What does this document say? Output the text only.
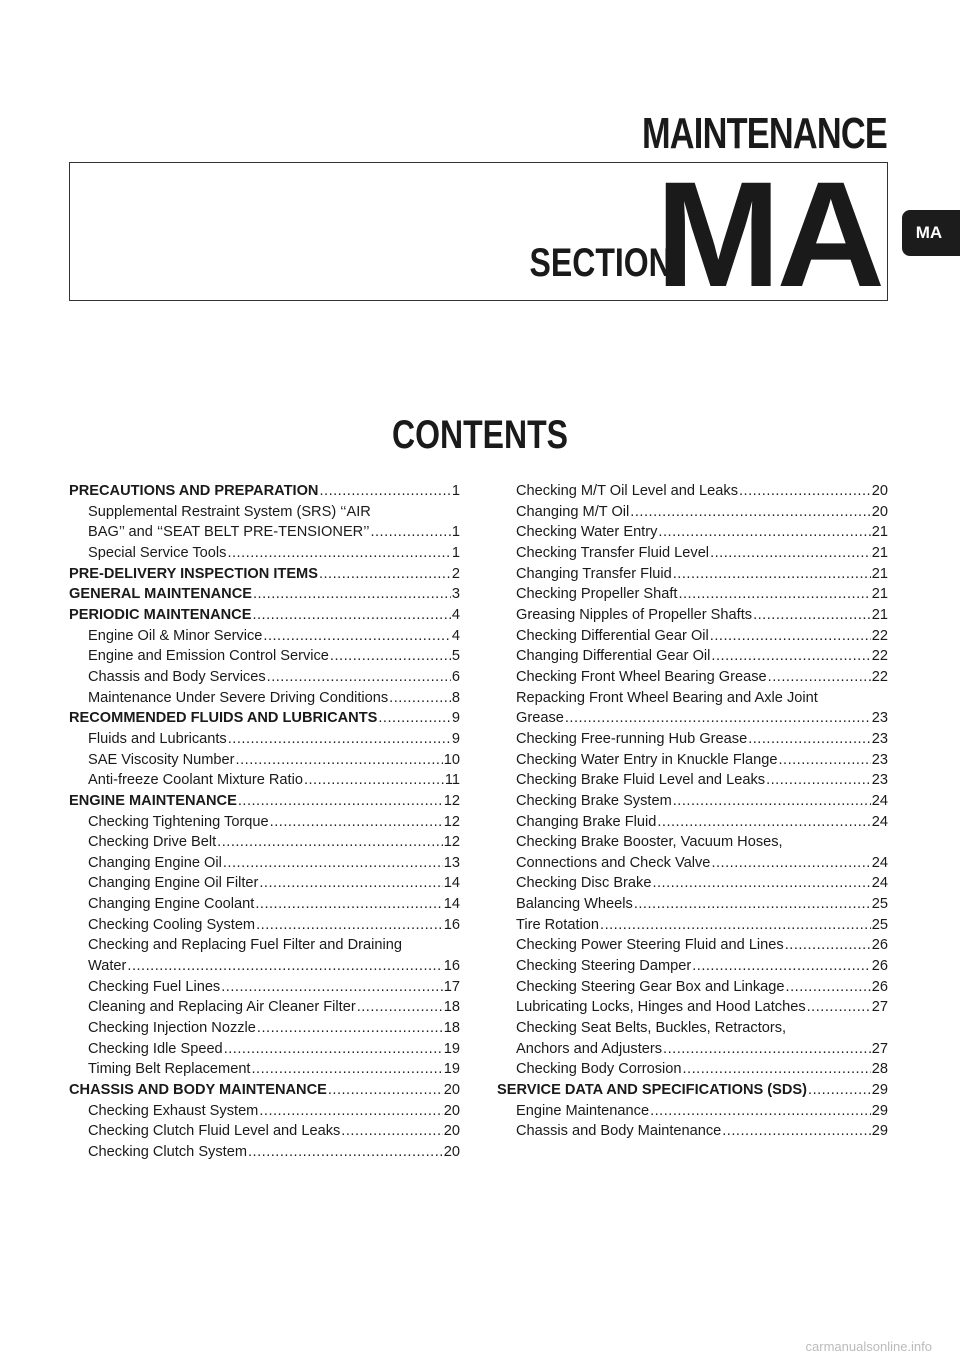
MAINTENANCE
SECTION
MA	MA
CONTENTS
PRECAUTIONS AND PREPARATION .....	1
Supplemental Restraint System (SRS) ‘‘AIR
BAG’’ and ‘‘SEAT BELT PRE-TENSIONER’’ .....	1
Special Service Tools .....	1
PRE-DELIVERY INSPECTION ITEMS .....	2
GENERAL MAINTENANCE .....	3
PERIODIC MAINTENANCE .....	4
Engine Oil & Minor Service .....	4
Engine and Emission Control Service .....	5
Chassis and Body Services .....	6
Maintenance Under Severe Driving Conditions .....	8
RECOMMENDED FLUIDS AND LUBRICANTS .....	9
Fluids and Lubricants .....	9
SAE Viscosity Number .....	10
Anti-freeze Coolant Mixture Ratio .....	11
ENGINE MAINTENANCE .....	12
Checking Tightening Torque .....	12
Checking Drive Belt .....	12
Changing Engine Oil .....	13
Changing Engine Oil Filter .....	14
Changing Engine Coolant .....	14
Checking Cooling System .....	16
Checking and Replacing Fuel Filter and Draining
Water .....	16
Checking Fuel Lines .....	17
Cleaning and Replacing Air Cleaner Filter .....	18
Checking Injection Nozzle .....	18
Checking Idle Speed .....	19
Timing Belt Replacement .....	19
CHASSIS AND BODY MAINTENANCE .....	20
Checking Exhaust System .....	20
Checking Clutch Fluid Level and Leaks .....	20
Checking Clutch System .....	20
Checking M/T Oil Level and Leaks .....	20
Changing M/T Oil .....	20
Checking Water Entry .....	21
Checking Transfer Fluid Level .....	21
Changing Transfer Fluid .....	21
Checking Propeller Shaft .....	21
Greasing Nipples of Propeller Shafts .....	21
Checking Differential Gear Oil .....	22
Changing Differential Gear Oil .....	22
Checking Front Wheel Bearing Grease .....	22
Repacking Front Wheel Bearing and Axle Joint
Grease .....	23
Checking Free-running Hub Grease .....	23
Checking Water Entry in Knuckle Flange .....	23
Checking Brake Fluid Level and Leaks .....	23
Checking Brake System .....	24
Changing Brake Fluid .....	24
Checking Brake Booster, Vacuum Hoses,
Connections and Check Valve .....	24
Checking Disc Brake .....	24
Balancing Wheels .....	25
Tire Rotation .....	25
Checking Power Steering Fluid and Lines .....	26
Checking Steering Damper .....	26
Checking Steering Gear Box and Linkage .....	26
Lubricating Locks, Hinges and Hood Latches .....	27
Checking Seat Belts, Buckles, Retractors,
Anchors and Adjusters .....	27
Checking Body Corrosion .....	28
SERVICE DATA AND SPECIFICATIONS (SDS) .....	29
Engine Maintenance .....	29
Chassis and Body Maintenance .....	29
carmanualsonline.info
